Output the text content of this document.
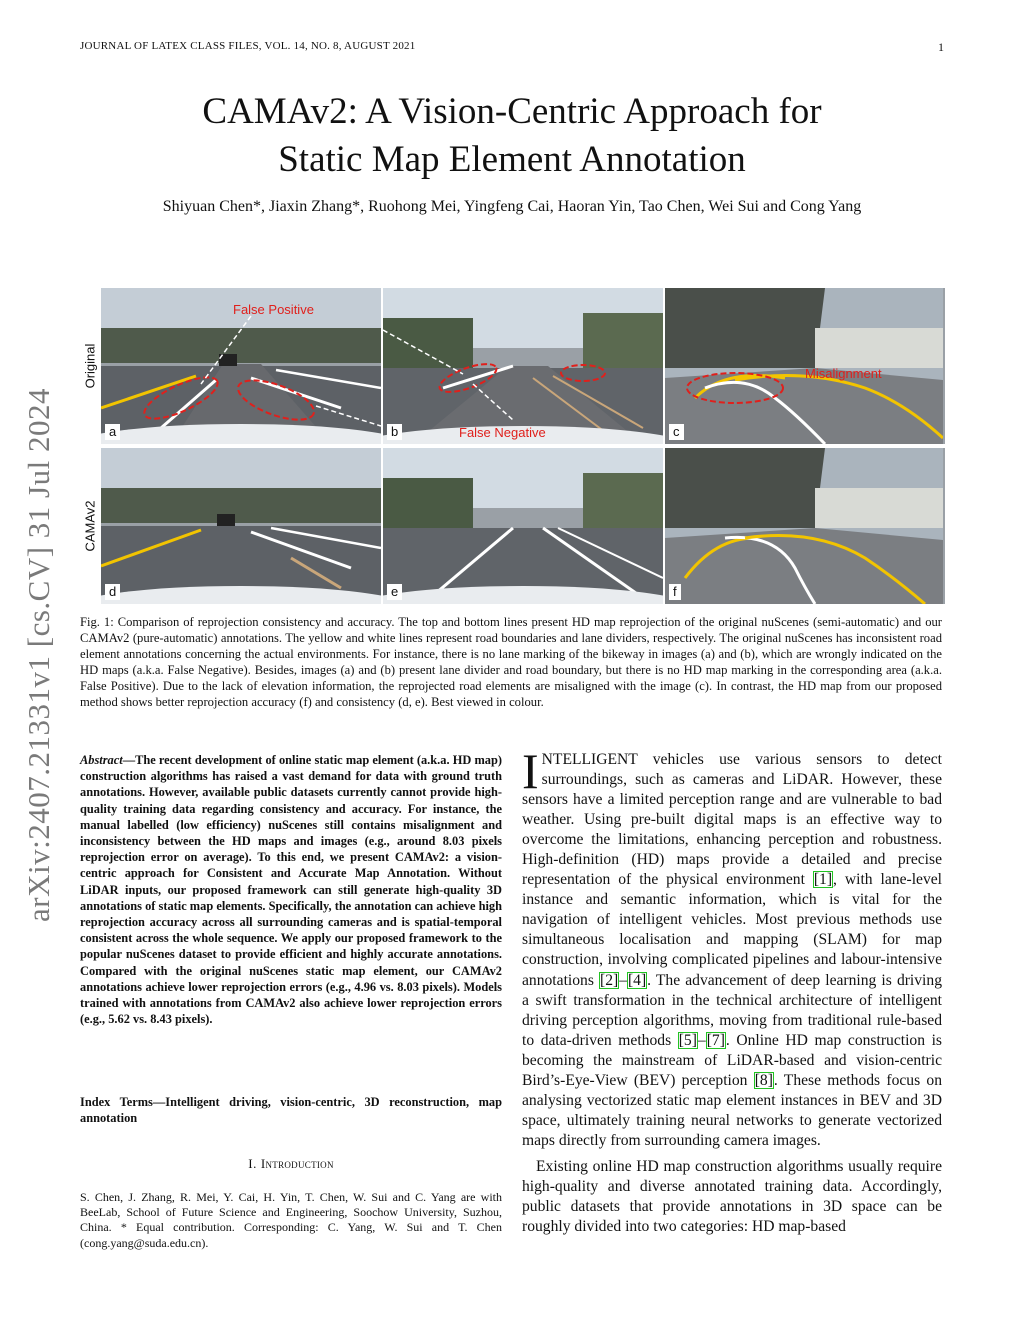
JOURNAL OF LATEX CLASS FILES, VOL. 14, NO. 8, AUGUST 2021	1
CAMAv2: A Vision-Centric Approach for
Static Map Element Annotation
Shiyuan Chen*, Jiaxin Zhang*, Ruohong Mei, Yingfeng Cai, Haoran Yin, Tao Chen, Wei Sui and Cong Yang
arXiv:2407.21331v1 [cs.CV] 31 Jul 2024
Original
CAMAv2
False Positive
a	False Negative
b
Misalignment
c
d	e	f
Fig. 1: Comparison of reprojection consistency and accuracy. The top and bottom lines present HD map reprojection of the original nuScenes (semi-automatic) and our CAMAv2 (pure-automatic) annotations. The yellow and white lines represent road boundaries and lane dividers, respectively. The original nuScenes has inconsistent road element annotations concerning the actual environments. For instance, there is no lane marking of the bikeway in images (a) and (b), which are wrongly indicated on the HD maps (a.k.a. False Negative). Besides, images (a) and (b) present lane divider and road boundary, but there is no HD map marking in the corresponding area (a.k.a. False Positive). Due to the lack of elevation information, the reprojected road elements are misaligned with the image (c). In contrast, the HD map from our proposed method shows better reprojection accuracy (f) and consistency (d, e). Best viewed in colour.
Abstract—The recent development of online static map element (a.k.a. HD map) construction algorithms has raised a vast demand for data with ground truth annotations. However, available public datasets currently cannot provide high-quality training data regarding consistency and accuracy. For instance, the manual labelled (low efficiency) nuScenes still contains misalignment and inconsistency between the HD maps and images (e.g., around 8.03 pixels reprojection error on average). To this end, we present CAMAv2: a vision-centric approach for Consistent and Accurate Map Annotation. Without LiDAR inputs, our proposed framework can still generate high-quality 3D annotations of static map elements. Specifically, the annotation can achieve high reprojection accuracy across all surrounding cameras and is spatial-temporal consistent across the whole sequence. We apply our proposed framework to the popular nuScenes dataset to provide efficient and highly accurate annotations. Compared with the original nuScenes static map element, our CAMAv2 annotations achieve lower reprojection errors (e.g., 4.96 vs. 8.03 pixels). Models trained with annotations from CAMAv2 also achieve lower reprojection errors (e.g., 5.62 vs. 8.43 pixels).
Index Terms—Intelligent driving, vision-centric, 3D reconstruction, map annotation
I. Introduction
S. Chen, J. Zhang, R. Mei, Y. Cai, H. Yin, T. Chen, W. Sui and C. Yang are with BeeLab, School of Future Science and Engineering, Soochow University, Suzhou, China. * Equal contribution. Corresponding: C. Yang, W. Sui and T. Chen (cong.yang@suda.edu.cn).

INTELLIGENT vehicles use various sensors to detect surroundings, such as cameras and LiDAR. However, these sensors have a limited perception range and are vulnerable to bad weather. Using pre-built digital maps is an effective way to overcome the limitations, enhancing perception and robustness. High-definition (HD) maps provide a detailed and precise representation of the physical environment [1], with lane-level instance and semantic information, which is vital for the navigation of intelligent vehicles. Most previous methods use simultaneous localisation and mapping (SLAM) for map construction, involving complicated pipelines and labour-intensive annotations [2]–[4]. The advancement of deep learning is driving a swift transformation in the technical architecture of intelligent driving perception algorithms, moving from traditional rule-based to data-driven methods [5]–[7]. Online HD map construction is becoming the mainstream of LiDAR-based and vision-centric Bird’s-Eye-View (BEV) perception [8]. These methods focus on analysing vectorized static map element instances in BEV and 3D space, ultimately training neural networks to generate vectorized maps directly from surrounding camera images.

Existing online HD map construction algorithms usually require high-quality and diverse annotated training data. Accordingly, public datasets that provide annotations in 3D space can be roughly divided into two categories: HD map-based
